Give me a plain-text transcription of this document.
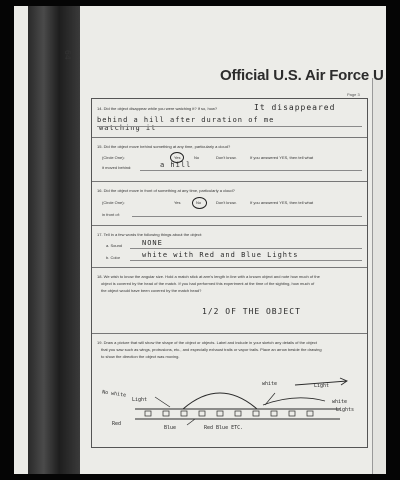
64
Official U.S. Air Force U
Page 3
14. Did the object disappear while you were watching it? If so, how?	It disappeared
behind a hill after duration of me
watching it
15. Did the object move behind something at any time, particularly a cloud?
(Circle One):	Yes	No	Don't know.	If you answered YES, then tell what
it moved behind:	a hill
16. Did the object move in front of something at any time, particularly a cloud?
(Circle One):	Yes	No	Don't know.	If you answered YES, then tell what
in front of:
17. Tell in a few words the following things about the object:
a. Sound	NONE
b. Color	white with Red and Blue Lights
18. We wish to know the angular size. Hold a match stick at arm's length in line with a known object and note how much of the
object is covered by the head of the match. If you had performed this experiment at the time of the sighting, how much of
the object would have been covered by the match head?
1/2 OF THE OBJECT
19. Draw a picture that will show the shape of the object or objects. Label and include in your sketch any details of the object
that you saw such as wings, protrusions, etc., and especially exhaust trails or vapor trails. Place an arrow beside the drawing
to show the direction the object was moving.
No white
Light
white	Light
white
Lights
Red
Blue	Red Blue ETC.
